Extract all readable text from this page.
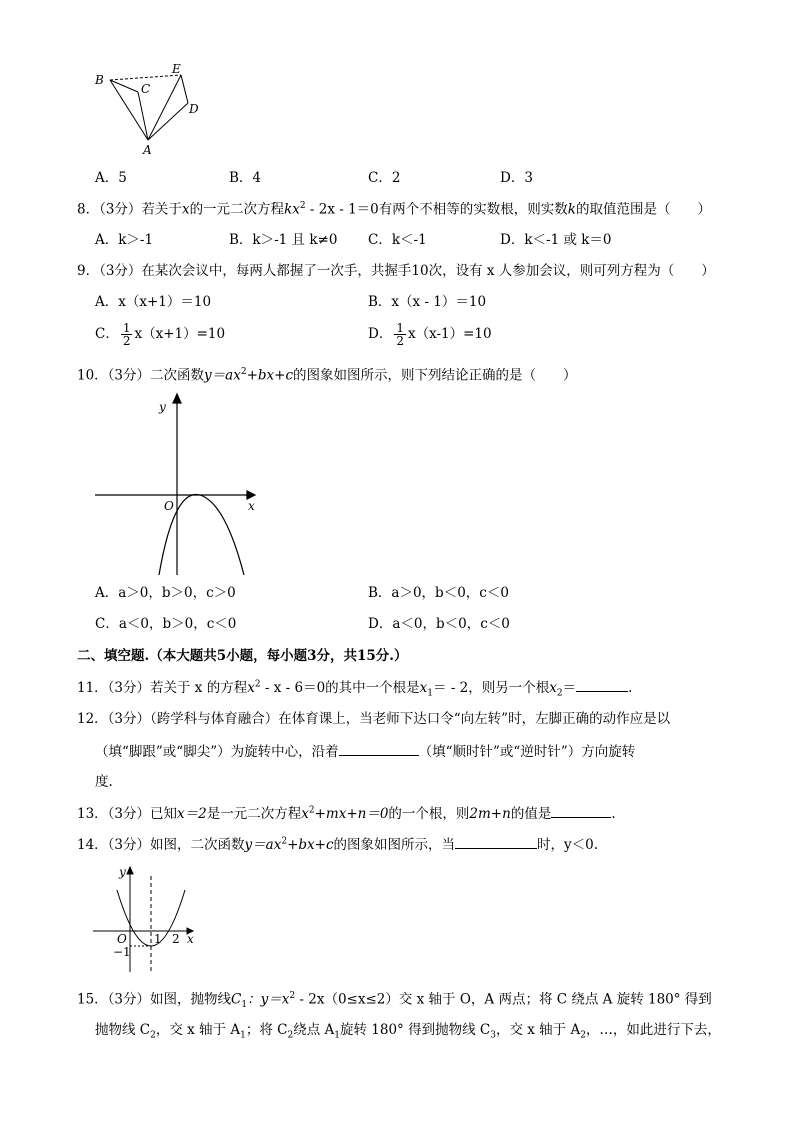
B
C
E
D
A
A．5	B．4	C．2	D．3
8．（3分）若关于x的一元二次方程$kx^2 - 2x - 1=0$有两个不相等的实数根，则实数k的取值范围是（　　）
A．k＞-1	B．k＞-1 且 k≠0 C．k＜-1	D．k＜-1 或 k＝0
9．（3分）在某次会议中，每两人都握了一次手，共握手10次，设有 x 人参加会议，则可列方程为（　　）
A．x（x+1）＝10	B．x（x - 1）＝10
C． $\frac{1}{2} x(x+1)=10$	D． $\frac{1}{2} x(x-1)=10$
10．（3分）二次函数$y=ax^2+bx+c$的图象如图所示，则下列结论正确的是（　　）
y
O	x
A．a＞0，b＞0，c＞0	B．a＞0，b＜0，c＜0
C．a＜0，b＞0，c＜0	D．a＜0，b＜0，c＜0
二、填空题.（本大题共5小题，每小题3分，共15分.）
11．（3分）若关于 x 的方程$x^2 - x - 6=0$的其中一个根是$x_1= - 2$，则另一个根$x_2=$	.
12．（3分）（跨学科与体育融合）在体育课上，当老师下达口令“向左转”时，左脚正确的动作应是以
（填“脚跟”或“脚尖”）为旋转中心，沿着	（填“顺时针”或“逆时针”）方向旋转
度.
13．（3分）已知x＝2是一元二次方程$x^2+mx+n=0$的一个根，则2m+n的值是	.
14．（3分）如图，二次函数$y=ax^2+bx+c$的图象如图所示，当	时，y＜0.
y
O 1 2 x
−1
15．（3分）如图，抛物线$C_1$：$y=x^2 - 2x(0\le x\le 2)$交 x 轴于 O，A 两点；将 C 绕点 A 旋转 180° 得到
抛物线 $C_2$，交 x 轴于 $A_1$；将 $C_2$绕点 $A_1$旋转 180° 得到抛物线 $C_3$，交 x 轴于 $A_2$，…，如此进行下去，
